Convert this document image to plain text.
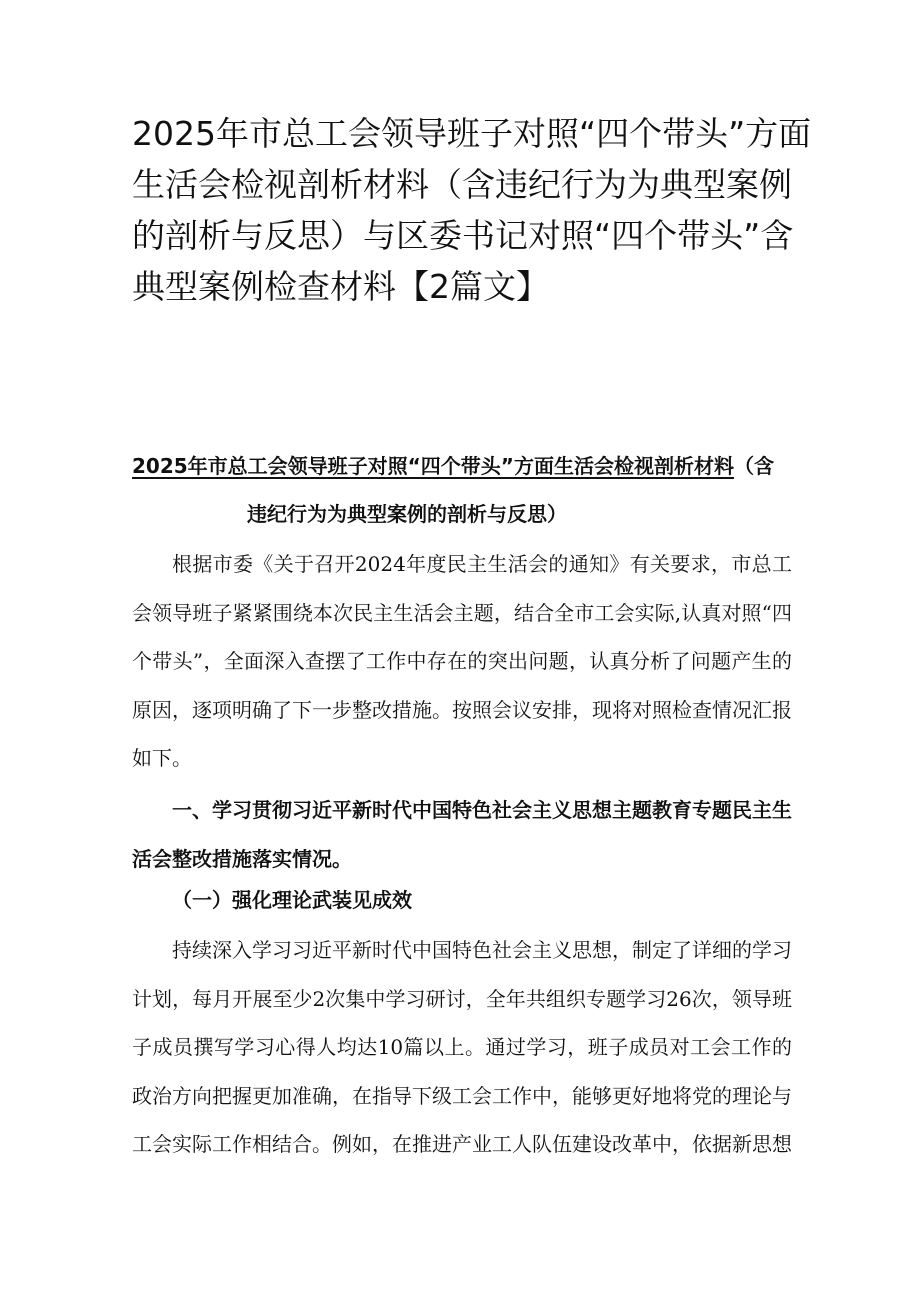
2025年市总工会领导班子对照“四个带头”方面生活会检视剖析材料（含违纪行为为典型案例的剖析与反思）与区委书记对照“四个带头”含典型案例检查材料【2篇文】
2025年市总工会领导班子对照“四个带头”方面生活会检视剖析材料（含
违纪行为为典型案例的剖析与反思）

根据市委《关于召开2024年度民主生活会的通知》有关要求，市总工会领导班子紧紧围绕本次民主生活会主题，结合全市工会实际,认真对照“四个带头”，全面深入查摆了工作中存在的突出问题，认真分析了问题产生的原因，逐项明确了下一步整改措施。按照会议安排，现将对照检查情况汇报如下。

一、学习贯彻习近平新时代中国特色社会主义思想主题教育专题民主生活会整改措施落实情况。

（一）强化理论武装见成效

持续深入学习习近平新时代中国特色社会主义思想，制定了详细的学习计划，每月开展至少2次集中学习研讨，全年共组织专题学习26次，领导班子成员撰写学习心得人均达10篇以上。通过学习，班子成员对工会工作的政治方向把握更加准确，在指导下级工会工作中，能够更好地将党的理论与工会实际工作相结合。例如，在推进产业工人队伍建设改革中，依据新思想
